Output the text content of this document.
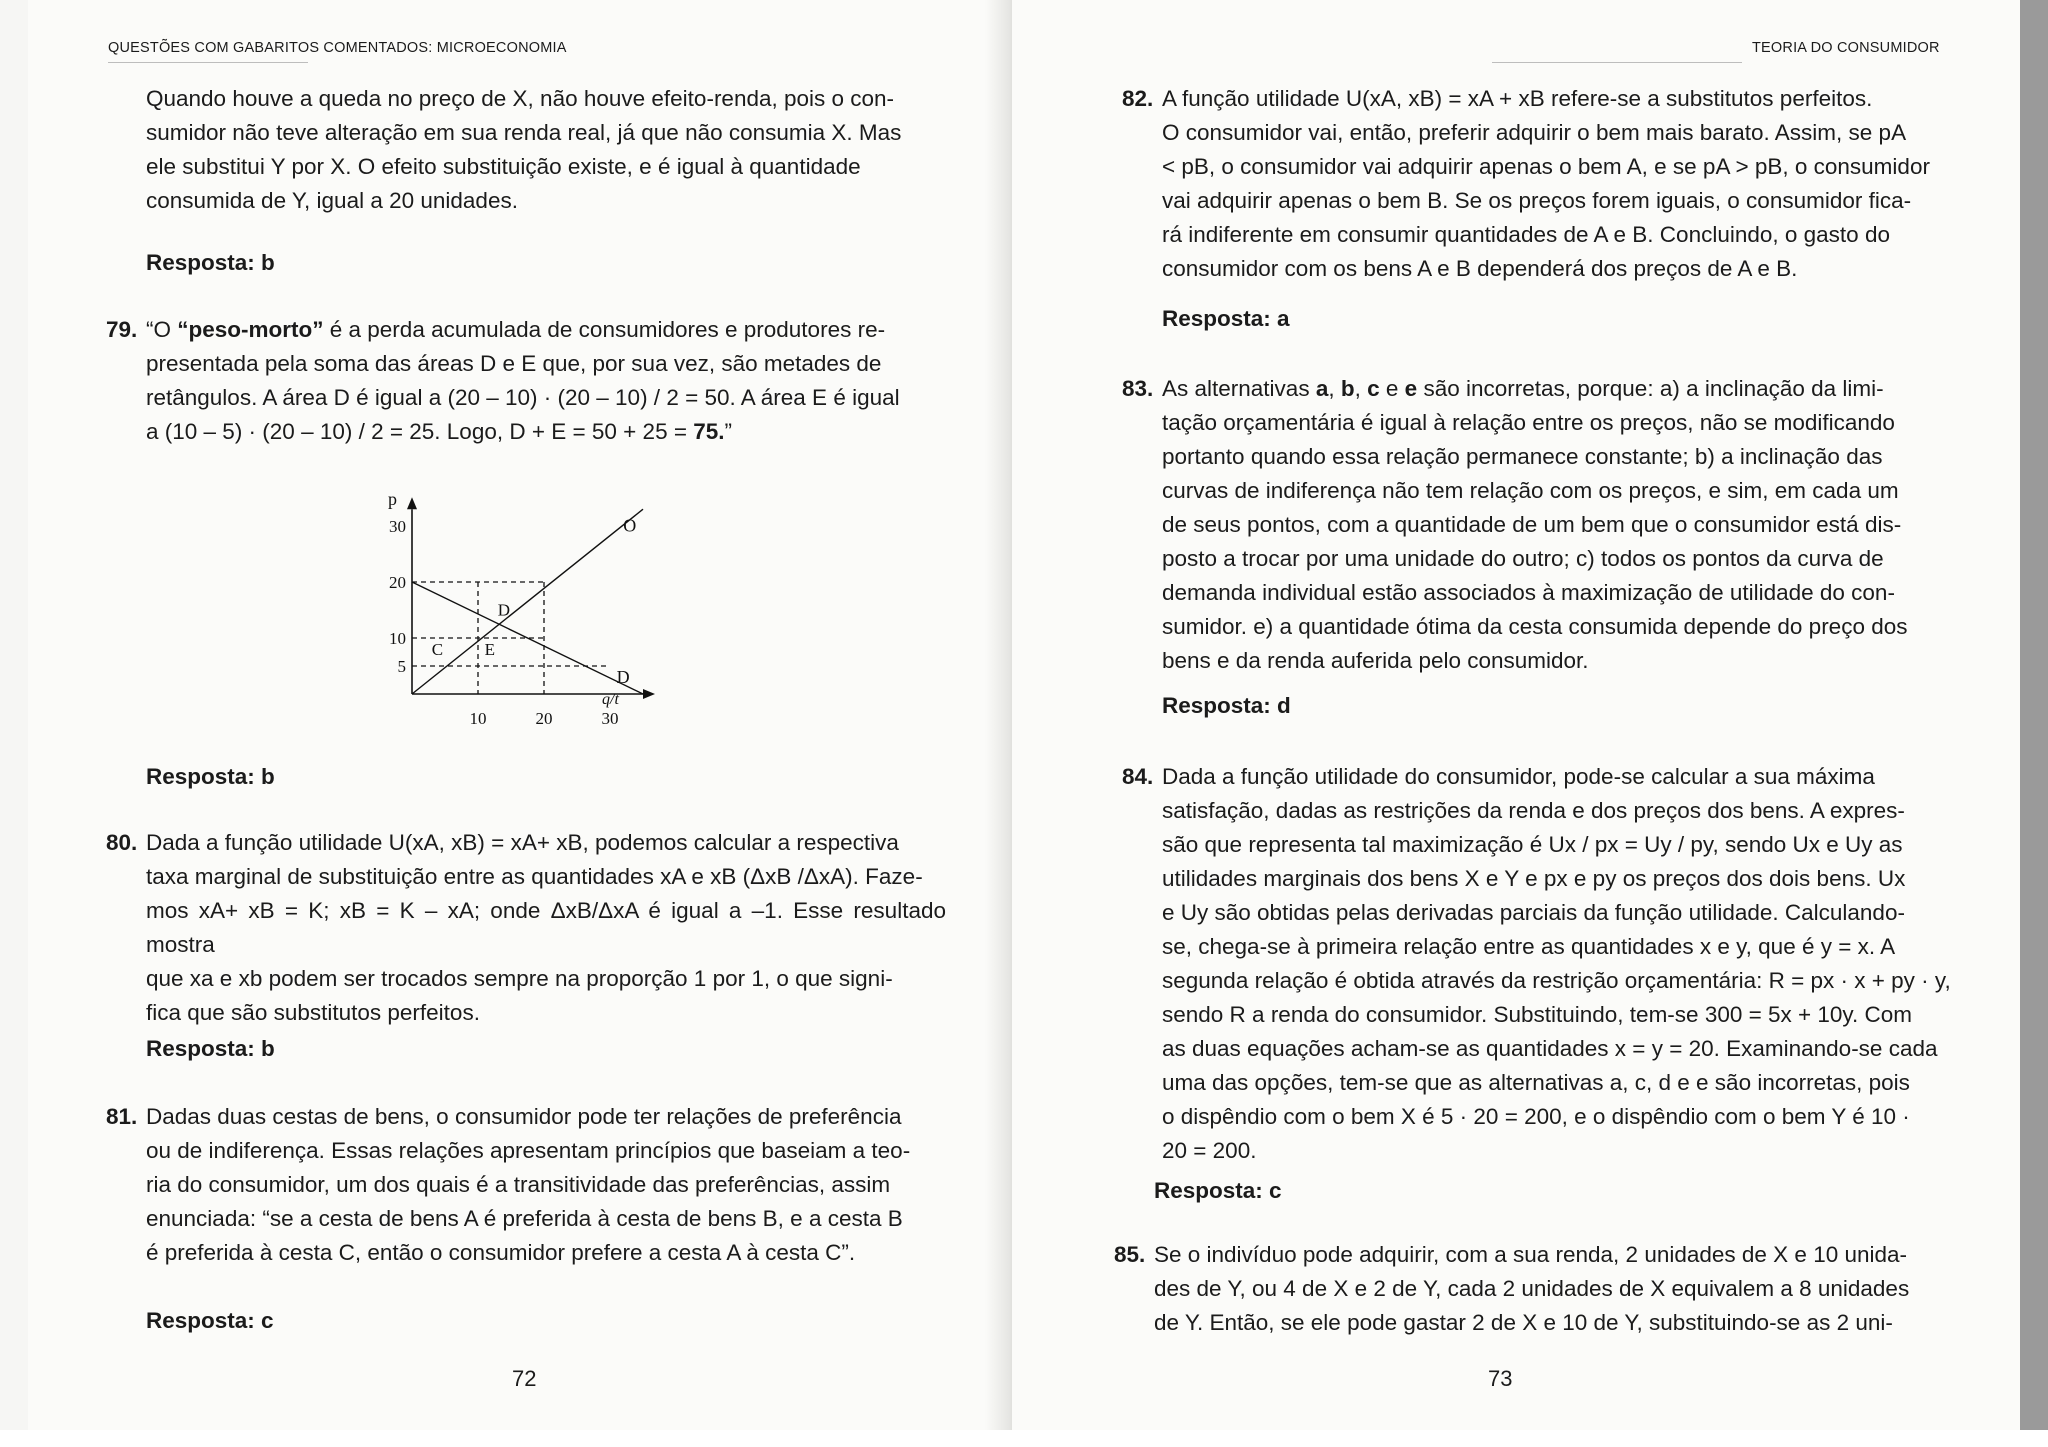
QUESTÕES COM GABARITOS COMENTADOS: MICROECONOMIA

Quando houve a queda no preço de X, não houve efeito-renda, pois o con-

sumidor não teve alteração em sua renda real, já que não consumia X. Mas

ele substitui Y por X. O efeito substituição existe, e é igual à quantidade

consumida de Y, igual a 20 unidades.

Resposta: b
79. “O “peso-morto” é a perda acumulada de consumidores e produtores re-

presentada pela soma das áreas D e E que, por sua vez, são metades de

retângulos. A área D é igual a (20 – 10) · (20 – 10) / 2 = 50. A área E é igual

a (10 – 5) · (20 – 10) / 2 = 25. Logo, D + E = 50 + 25 = 75.”

30
20
10
5
10	20	30
p
q/t
O
D
D
C E
Resposta: b
80. Dada a função utilidade U(xA, xB) = xA+ xB, podemos calcular a respectiva

taxa marginal de substituição entre as quantidades xA e xB (ΔxB /ΔxA). Faze-

mos xA+ xB = K; xB = K – xA; onde ΔxB/ΔxA é igual a –1. Esse resultado mostra

que xa e xb podem ser trocados sempre na proporção 1 por 1, o que signi-

fica que são substitutos perfeitos.

Resposta: b
81. Dadas duas cestas de bens, o consumidor pode ter relações de preferência

ou de indiferença. Essas relações apresentam princípios que baseiam a teo-

ria do consumidor, um dos quais é a transitividade das preferências, assim

enunciada: “se a cesta de bens A é preferida à cesta de bens B, e a cesta B

é preferida à cesta C, então o consumidor prefere a cesta A à cesta C”.

Resposta: c
72
TEORIA DO CONSUMIDOR
82. A função utilidade U(xA, xB) = xA + xB refere-se a substitutos perfeitos.

O consumidor vai, então, preferir adquirir o bem mais barato. Assim, se pA

< pB, o consumidor vai adquirir apenas o bem A, e se pA > pB, o consumidor

vai adquirir apenas o bem B. Se os preços forem iguais, o consumidor fica-

rá indiferente em consumir quantidades de A e B. Concluindo, o gasto do

consumidor com os bens A e B dependerá dos preços de A e B.

Resposta: a
83. As alternativas a, b, c e e são incorretas, porque: a) a inclinação da limi-

tação orçamentária é igual à relação entre os preços, não se modificando

portanto quando essa relação permanece constante; b) a inclinação das

curvas de indiferença não tem relação com os preços, e sim, em cada um

de seus pontos, com a quantidade de um bem que o consumidor está dis-

posto a trocar por uma unidade do outro; c) todos os pontos da curva de

demanda individual estão associados à maximização de utilidade do con-

sumidor. e) a quantidade ótima da cesta consumida depende do preço dos

bens e da renda auferida pelo consumidor.

Resposta: d
84. Dada a função utilidade do consumidor, pode-se calcular a sua máxima

satisfação, dadas as restrições da renda e dos preços dos bens. A expres-

são que representa tal maximização é Ux / px = Uy / py, sendo Ux e Uy as

utilidades marginais dos bens X e Y e px e py os preços dos dois bens. Ux

e Uy são obtidas pelas derivadas parciais da função utilidade. Calculando-

se, chega-se à primeira relação entre as quantidades x e y, que é y = x. A

segunda relação é obtida através da restrição orçamentária: R = px · x + py · y,

sendo R a renda do consumidor. Substituindo, tem-se 300 = 5x + 10y. Com

as duas equações acham-se as quantidades x = y = 20. Examinando-se cada

uma das opções, tem-se que as alternativas a, c, d e e são incorretas, pois

o dispêndio com o bem X é 5 · 20 = 200, e o dispêndio com o bem Y é 10 ·

20 = 200.

Resposta: c
85. Se o indivíduo pode adquirir, com a sua renda, 2 unidades de X e 10 unida-

des de Y, ou 4 de X e 2 de Y, cada 2 unidades de X equivalem a 8 unidades

de Y. Então, se ele pode gastar 2 de X e 10 de Y, substituindo-se as 2 uni-

73
